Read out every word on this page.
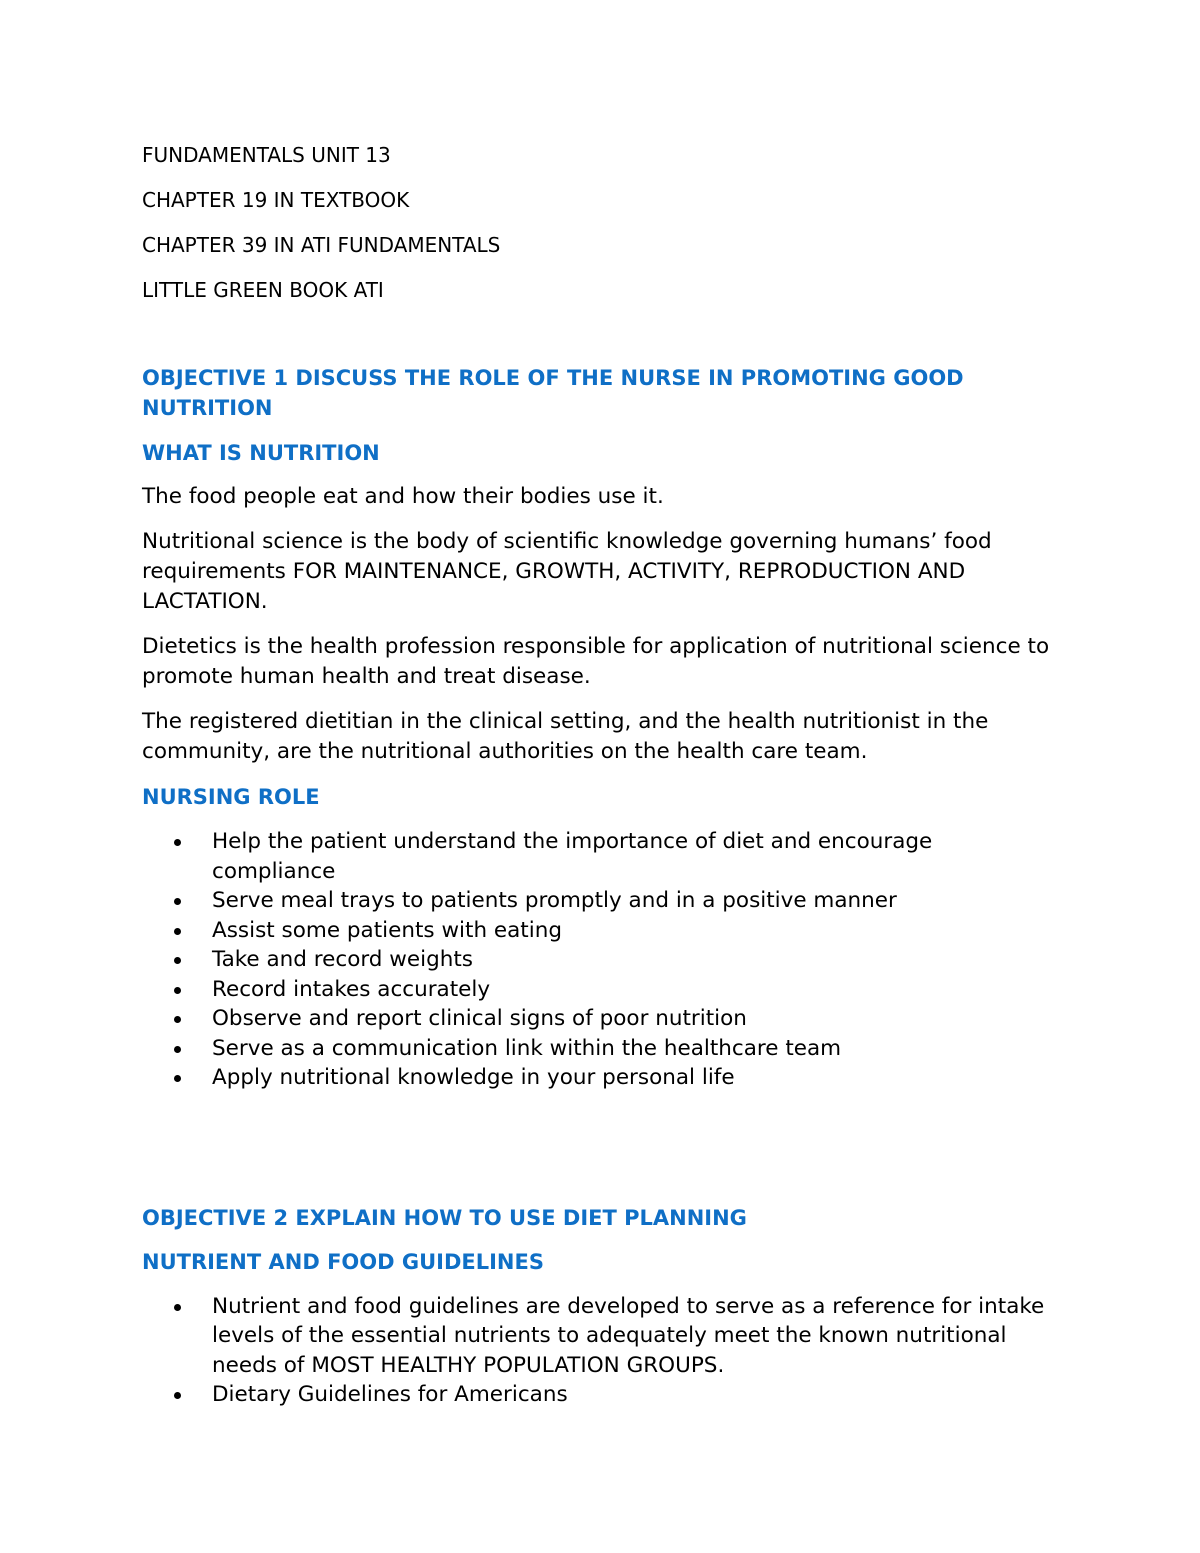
FUNDAMENTALS UNIT 13

CHAPTER 19 IN TEXTBOOK

CHAPTER 39 IN ATI FUNDAMENTALS

LITTLE GREEN BOOK ATI

OBJECTIVE 1 DISCUSS THE ROLE OF THE NURSE IN PROMOTING GOOD NUTRITION
WHAT IS NUTRITION

The food people eat and how their bodies use it.

Nutritional science is the body of scientific knowledge governing humans’ food requirements FOR MAINTENANCE, GROWTH, ACTIVITY, REPRODUCTION AND LACTATION.

Dietetics is the health profession responsible for application of nutritional science to promote human health and treat disease.

The registered dietitian in the clinical setting, and the health nutritionist in the community, are the nutritional authorities on the health care team.

NURSING ROLE
Help the patient understand the importance of diet and encourage compliance
Serve meal trays to patients promptly and in a positive manner
Assist some patients with eating
Take and record weights
Record intakes accurately
Observe and report clinical signs of poor nutrition
Serve as a communication link within the healthcare team
Apply nutritional knowledge in your personal life
OBJECTIVE 2 EXPLAIN HOW TO USE DIET PLANNING
NUTRIENT AND FOOD GUIDELINES
Nutrient and food guidelines are developed to serve as a reference for intake levels of the essential nutrients to adequately meet the known nutritional needs of MOST HEALTHY POPULATION GROUPS.
Dietary Guidelines for Americans
